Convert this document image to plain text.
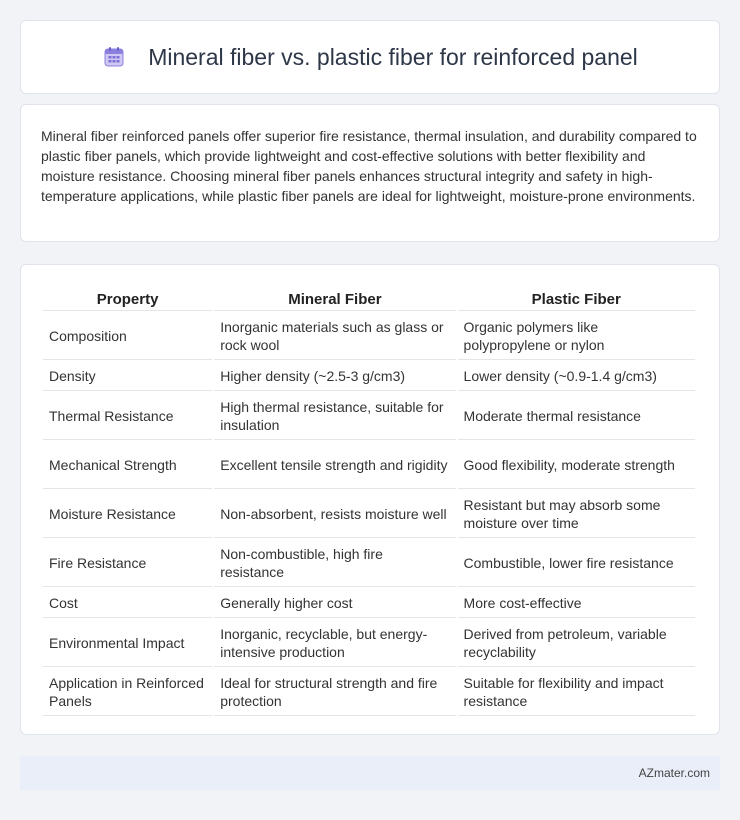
Mineral fiber vs. plastic fiber for reinforced panel

Mineral fiber reinforced panels offer superior fire resistance, thermal insulation, and durability compared to plastic fiber panels, which provide lightweight and cost-effective solutions with better flexibility and moisture resistance. Choosing mineral fiber panels enhances structural integrity and safety in high-temperature applications, while plastic fiber panels are ideal for lightweight, moisture-prone environments.

Property	Mineral Fiber	Plastic Fiber
Composition	Inorganic materials such as glass or rock wool	Organic polymers like polypropylene or nylon
Density	Higher density (~2.5-3 g/cm3)	Lower density (~0.9-1.4 g/cm3)
Thermal Resistance	High thermal resistance, suitable for insulation	Moderate thermal resistance
Mechanical Strength	Excellent tensile strength and rigidity	Good flexibility, moderate strength
Moisture Resistance	Non-absorbent, resists moisture well	Resistant but may absorb some moisture over time
Fire Resistance	Non-combustible, high fire resistance	Combustible, lower fire resistance
Cost	Generally higher cost	More cost-effective
Environmental Impact	Inorganic, recyclable, but energy-intensive production	Derived from petroleum, variable recyclability
Application in Reinforced Panels	Ideal for structural strength and fire protection	Suitable for flexibility and impact resistance
AZmater.com
